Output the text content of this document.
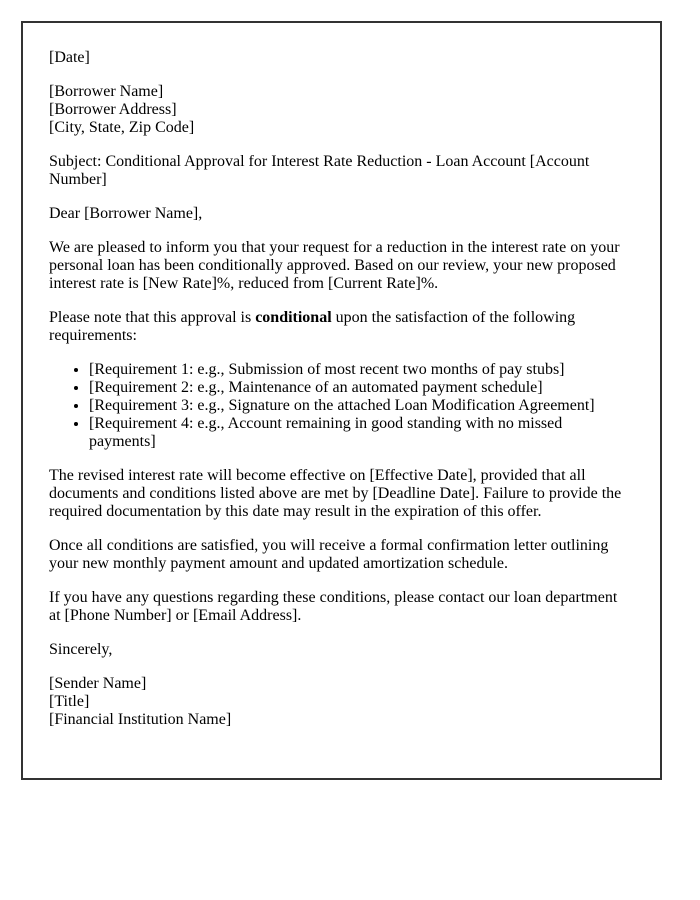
[Date]

[Borrower Name]
[Borrower Address]
[City, State, Zip Code]

Subject: Conditional Approval for Interest Rate Reduction - Loan Account [Account Number]

Dear [Borrower Name],

We are pleased to inform you that your request for a reduction in the interest rate on your personal loan has been conditionally approved. Based on our review, your new proposed interest rate is [New Rate]%, reduced from [Current Rate]%.

Please note that this approval is conditional upon the satisfaction of the following requirements:

• [Requirement 1: e.g., Submission of most recent two months of pay stubs]
• [Requirement 2: e.g., Maintenance of an automated payment schedule]
• [Requirement 3: e.g., Signature on the attached Loan Modification Agreement]
• [Requirement 4: e.g., Account remaining in good standing with no missed payments]

The revised interest rate will become effective on [Effective Date], provided that all documents and conditions listed above are met by [Deadline Date]. Failure to provide the required documentation by this date may result in the expiration of this offer.

Once all conditions are satisfied, you will receive a formal confirmation letter outlining your new monthly payment amount and updated amortization schedule.

If you have any questions regarding these conditions, please contact our loan department at [Phone Number] or [Email Address].

Sincerely,

[Sender Name]
[Title]
[Financial Institution Name]
